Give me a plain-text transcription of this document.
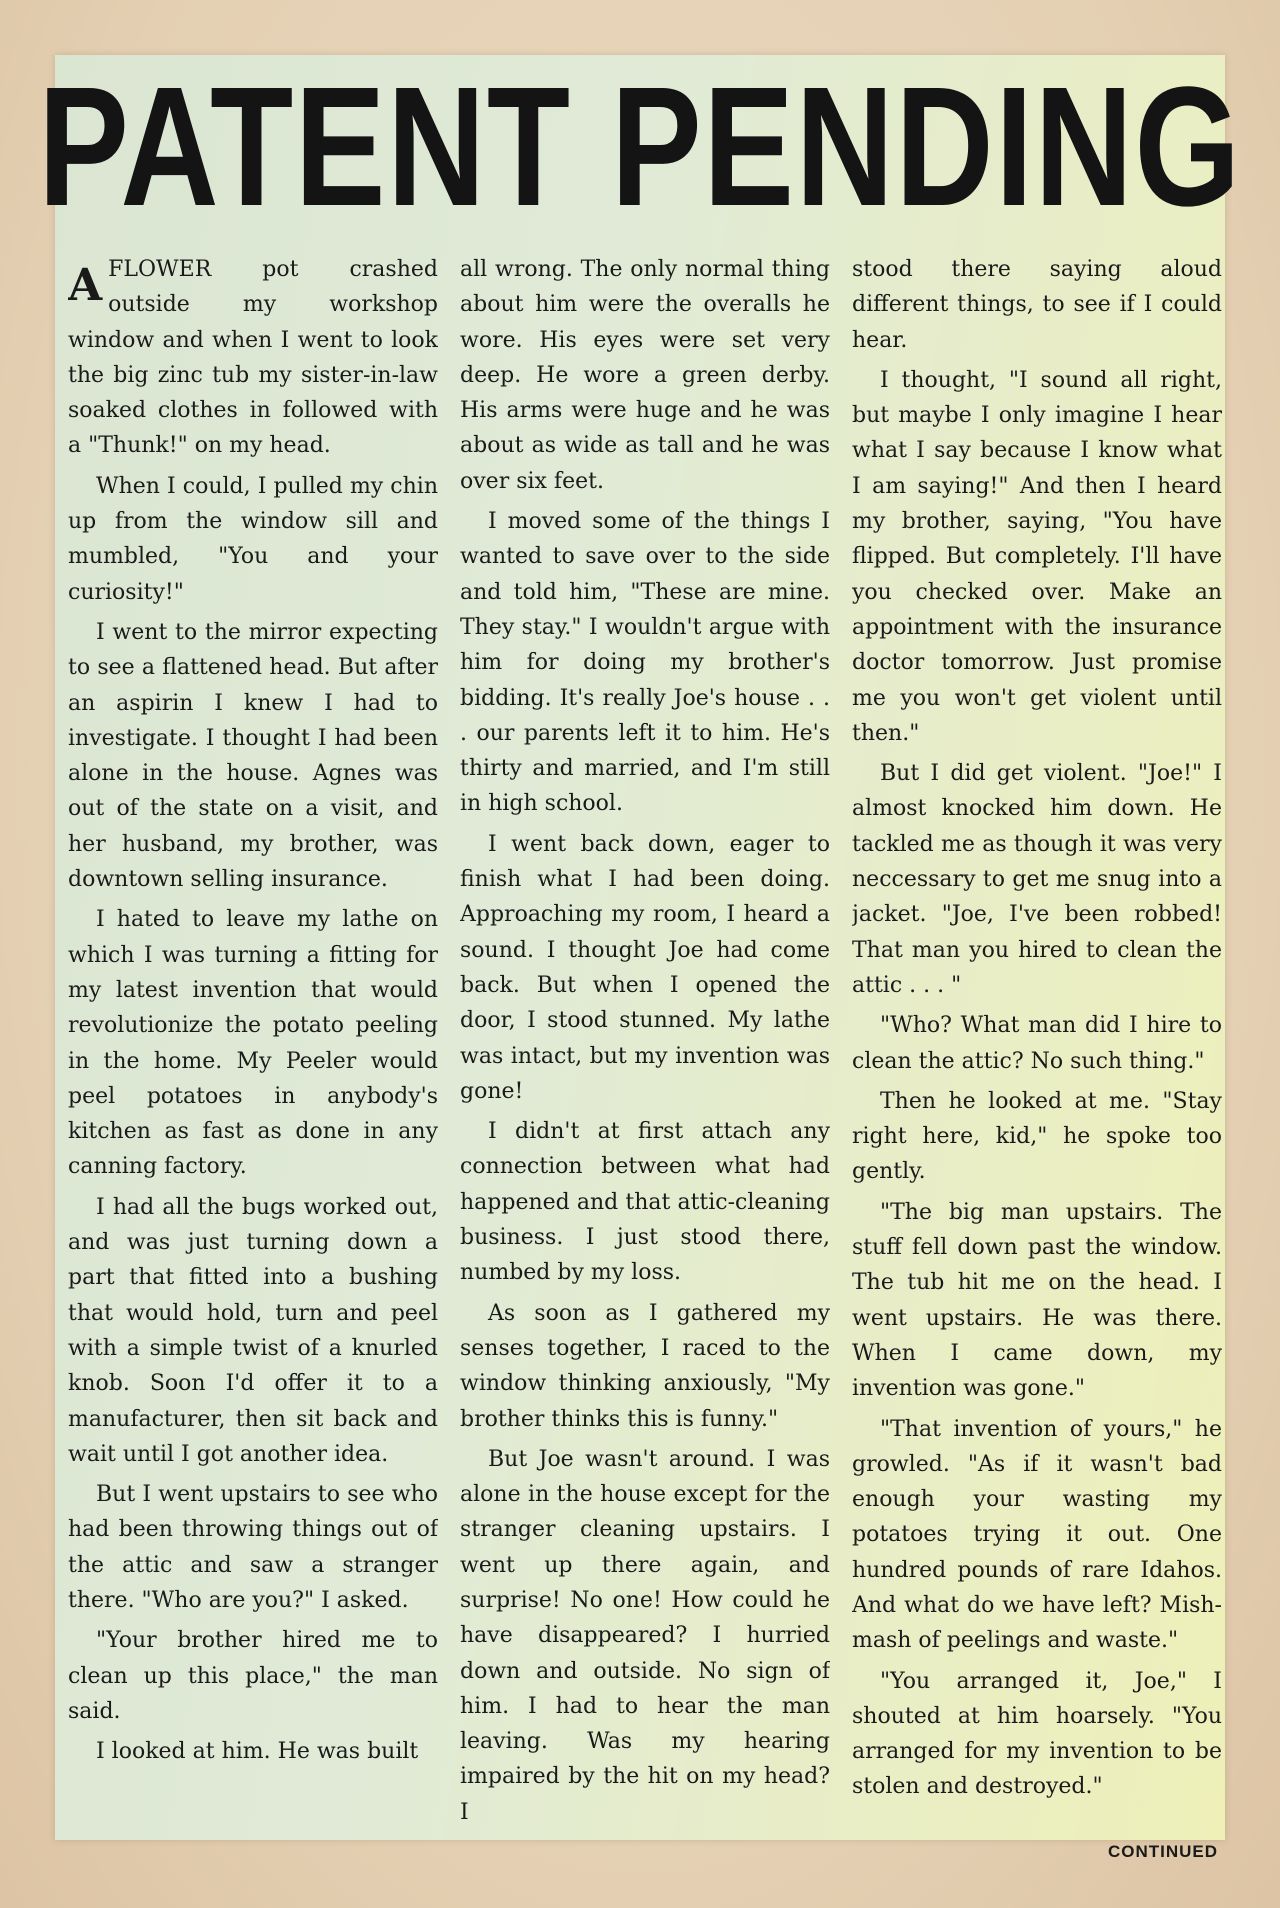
PATENT PENDING

AFLOWER pot crashed outside my workshop window and when I went to look the big zinc tub my sister-in-law soaked clothes in followed with a "Thunk!" on my head.

When I could, I pulled my chin up from the window sill and mumbled, "You and your curiosity!"

I went to the mirror expecting to see a flattened head. But after an aspirin I knew I had to investigate. I thought I had been alone in the house. Agnes was out of the state on a visit, and her husband, my brother, was downtown selling insurance.

I hated to leave my lathe on which I was turning a fitting for my latest invention that would revolutionize the potato peeling in the home. My Peeler would peel potatoes in anybody's kitchen as fast as done in any canning factory.

I had all the bugs worked out, and was just turning down a part that fitted into a bushing that would hold, turn and peel with a simple twist of a knurled knob. Soon I'd offer it to a manufacturer, then sit back and wait until I got another idea.

But I went upstairs to see who had been throwing things out of the attic and saw a stranger there. "Who are you?" I asked.

"Your brother hired me to clean up this place," the man said.

I looked at him. He was built

all wrong. The only normal thing about him were the overalls he wore. His eyes were set very deep. He wore a green derby. His arms were huge and he was about as wide as tall and he was over six feet.

I moved some of the things I wanted to save over to the side and told him, "These are mine. They stay." I wouldn't argue with him for doing my brother's bidding. It's really Joe's house . . . our parents left it to him. He's thirty and married, and I'm still in high school.

I went back down, eager to finish what I had been doing. Approaching my room, I heard a sound. I thought Joe had come back. But when I opened the door, I stood stunned. My lathe was intact, but my invention was gone!

I didn't at first attach any connection between what had happened and that attic-cleaning business. I just stood there, numbed by my loss.

As soon as I gathered my senses together, I raced to the window thinking anxiously, "My brother thinks this is funny."

But Joe wasn't around. I was alone in the house except for the stranger cleaning upstairs. I went up there again, and surprise! No one! How could he have disappeared? I hurried down and outside. No sign of him. I had to hear the man leaving. Was my hearing impaired by the hit on my head? I

stood there saying aloud different things, to see if I could hear.

I thought, "I sound all right, but maybe I only imagine I hear what I say because I know what I am saying!" And then I heard my brother, saying, "You have flipped. But completely. I'll have you checked over. Make an appointment with the insurance doctor tomorrow. Just promise me you won't get violent until then."

But I did get violent. "Joe!" I almost knocked him down. He tackled me as though it was very neccessary to get me snug into a jacket. "Joe, I've been robbed! That man you hired to clean the attic . . . "

"Who? What man did I hire to clean the attic? No such thing."

Then he looked at me. "Stay right here, kid," he spoke too gently.

"The big man upstairs. The stuff fell down past the window. The tub hit me on the head. I went upstairs. He was there. When I came down, my invention was gone."

"That invention of yours," he growled. "As if it wasn't bad enough your wasting my potatoes trying it out. One hundred pounds of rare Idahos. And what do we have left? Mish-mash of peelings and waste."

"You arranged it, Joe," I shouted at him hoarsely. "You arranged for my invention to be stolen and destroyed."

CONTINUED
